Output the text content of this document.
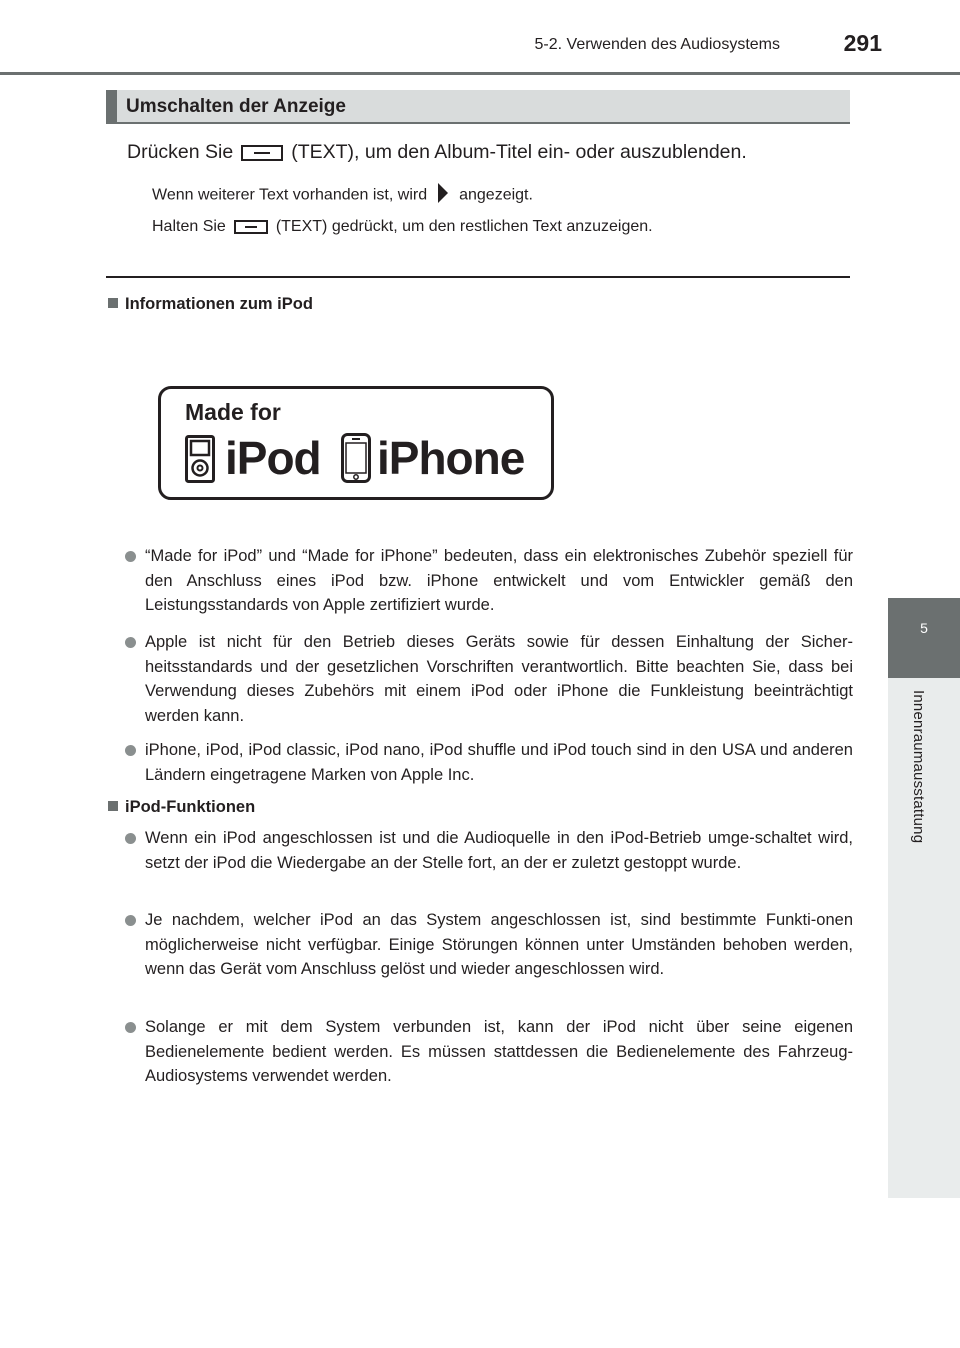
5-2. Verwenden des Audiosystems	291
5
Innenraumausstattung
Umschalten der Anzeige
Drücken Sie	(TEXT), um den Album-Titel ein- oder auszublenden.
Wenn weiterer Text vorhanden ist, wird angezeigt.
Halten Sie	(TEXT) gedrückt, um den restlichen Text anzuzeigen.
Informationen zum iPod
Made for
iPod iPhone
“Made for iPod” und “Made for iPhone” bedeuten, dass ein elektronisches Zubehör speziell für den Anschluss eines iPod bzw. iPhone entwickelt und vom Entwickler gemäß den Leistungsstandards von Apple zertifiziert wurde.
Apple ist nicht für den Betrieb dieses Geräts sowie für dessen Einhaltung der Sicher-heitsstandards und der gesetzlichen Vorschriften verantwortlich. Bitte beachten Sie, dass bei Verwendung dieses Zubehörs mit einem iPod oder iPhone die Funkleistung beeinträchtigt werden kann.
iPhone, iPod, iPod classic, iPod nano, iPod shuffle und iPod touch sind in den USA und anderen Ländern eingetragene Marken von Apple Inc.
iPod-Funktionen
Wenn ein iPod angeschlossen ist und die Audioquelle in den iPod-Betrieb umge-schaltet wird, setzt der iPod die Wiedergabe an der Stelle fort, an der er zuletzt gestoppt wurde.
Je nachdem, welcher iPod an das System angeschlossen ist, sind bestimmte Funkti-onen möglicherweise nicht verfügbar. Einige Störungen können unter Umständen behoben werden, wenn das Gerät vom Anschluss gelöst und wieder angeschlossen wird.
Solange er mit dem System verbunden ist, kann der iPod nicht über seine eigenen Bedienelemente bedient werden. Es müssen stattdessen die Bedienelemente des Fahrzeug-Audiosystems verwendet werden.
